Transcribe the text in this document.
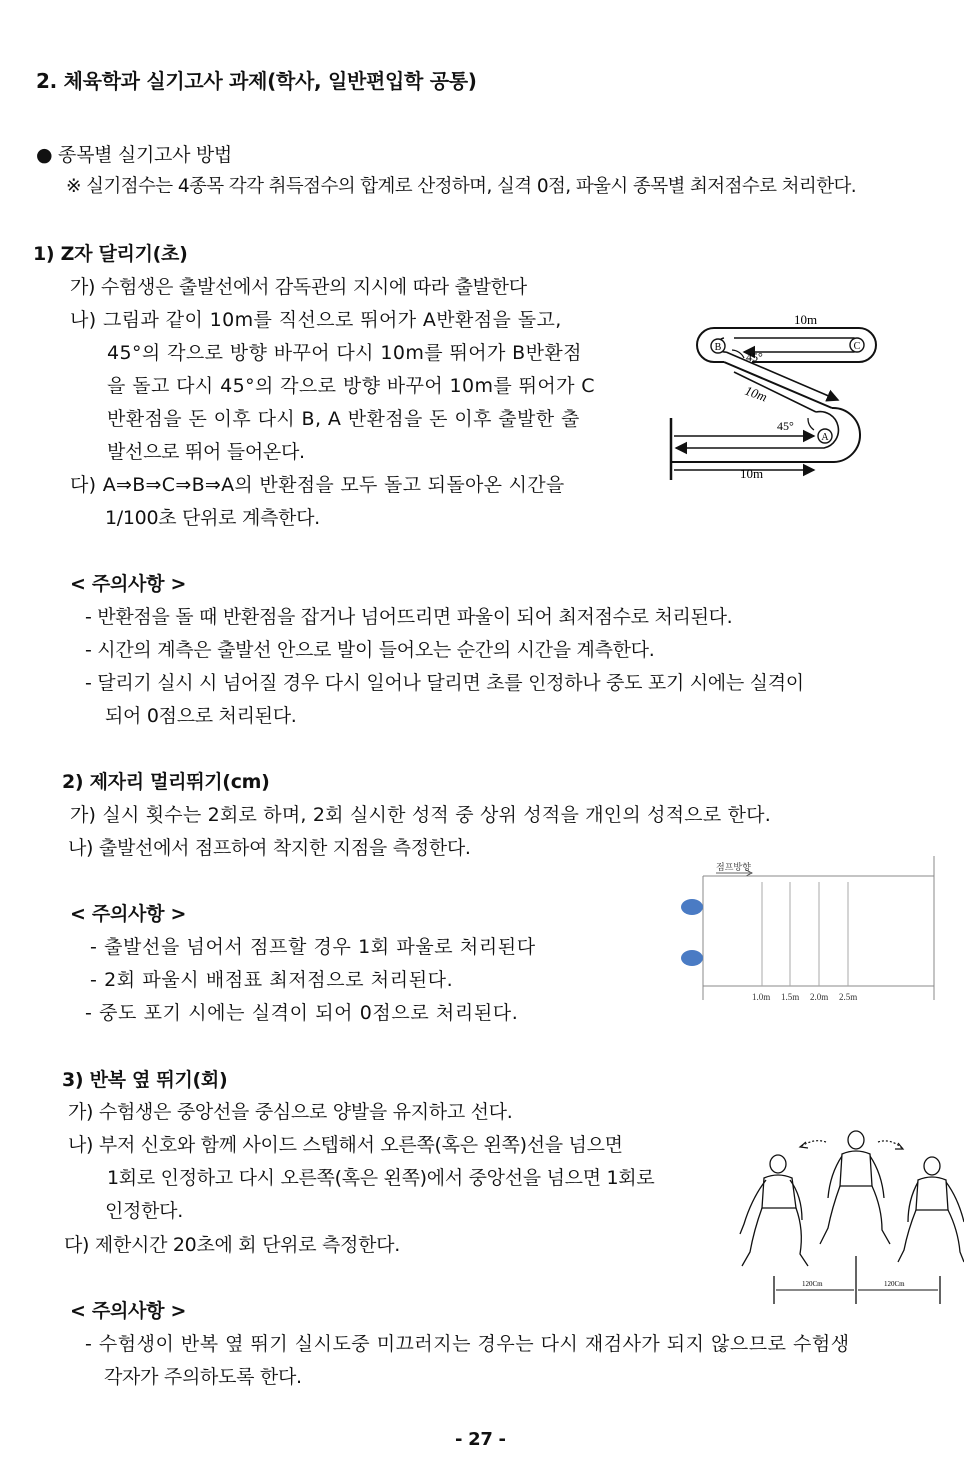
2. 체육학과 실기고사 과제(학사, 일반편입학 공통)
● 종목별 실기고사 방법
※ 실기점수는 4종목 각각 취득점수의 합계로 산정하며, 실격 0점, 파울시 종목별 최저점수로 처리한다.
1) Z자 달리기(초)
가) 수험생은 출발선에서 감독관의 지시에 따라 출발한다
나) 그림과 같이 10m를 직선으로 뛰어가 A반환점을 돌고,
45°의 각으로 방향 바꾸어 다시 10m를 뛰어가 B반환점
을 돌고 다시 45°의 각으로 방향 바꾸어 10m를 뛰어가 C
반환점을 돈 이후 다시 B, A 반환점을 돈 이후 출발한 출
발선으로 뛰어 들어온다.
다) A⇒B⇒C⇒B⇒A의 반환점을 모두 돌고 되돌아온 시간을
1/100초 단위로 계측한다.
B	C
A
10m
45°
10m
45°
10m
< 주의사항 >
- 반환점을 돌 때 반환점을 잡거나 넘어뜨리면 파울이 되어 최저점수로 처리된다.
- 시간의 계측은 출발선 안으로 발이 들어오는 순간의 시간을 계측한다.
- 달리기 실시 시 넘어질 경우 다시 일어나 달리면 초를 인정하나 중도 포기 시에는 실격이
되어 0점으로 처리된다.
2) 제자리 멀리뛰기(cm)
가) 실시 횟수는 2회로 하며, 2회 실시한 성적 중 상위 성적을 개인의 성적으로 한다.
나) 출발선에서 점프하여 착지한 지점을 측정한다.
점프방향
1.0m 1.5m 2.0m 2.5m
< 주의사항 >
- 출발선을 넘어서 점프할 경우 1회 파울로 처리된다
- 2회 파울시 배점표 최저점으로 처리된다.
- 중도 포기 시에는 실격이 되어 0점으로 처리된다.
3) 반복 옆 뛰기(회)
가) 수험생은 중앙선을 중심으로 양발을 유지하고 선다.
나) 부저 신호와 함께 사이드 스텝해서 오른쪽(혹은 왼쪽)선을 넘으면
1회로 인정하고 다시 오른쪽(혹은 왼쪽)에서 중앙선을 넘으면 1회로
인정한다.
다) 제한시간 20초에 회 단위로 측정한다.
120Cm	120Cm
< 주의사항 >
- 수험생이 반복 옆 뛰기 실시도중 미끄러지는 경우는 다시 재검사가 되지 않으므로 수험생
각자가 주의하도록 한다.
- 27 -
